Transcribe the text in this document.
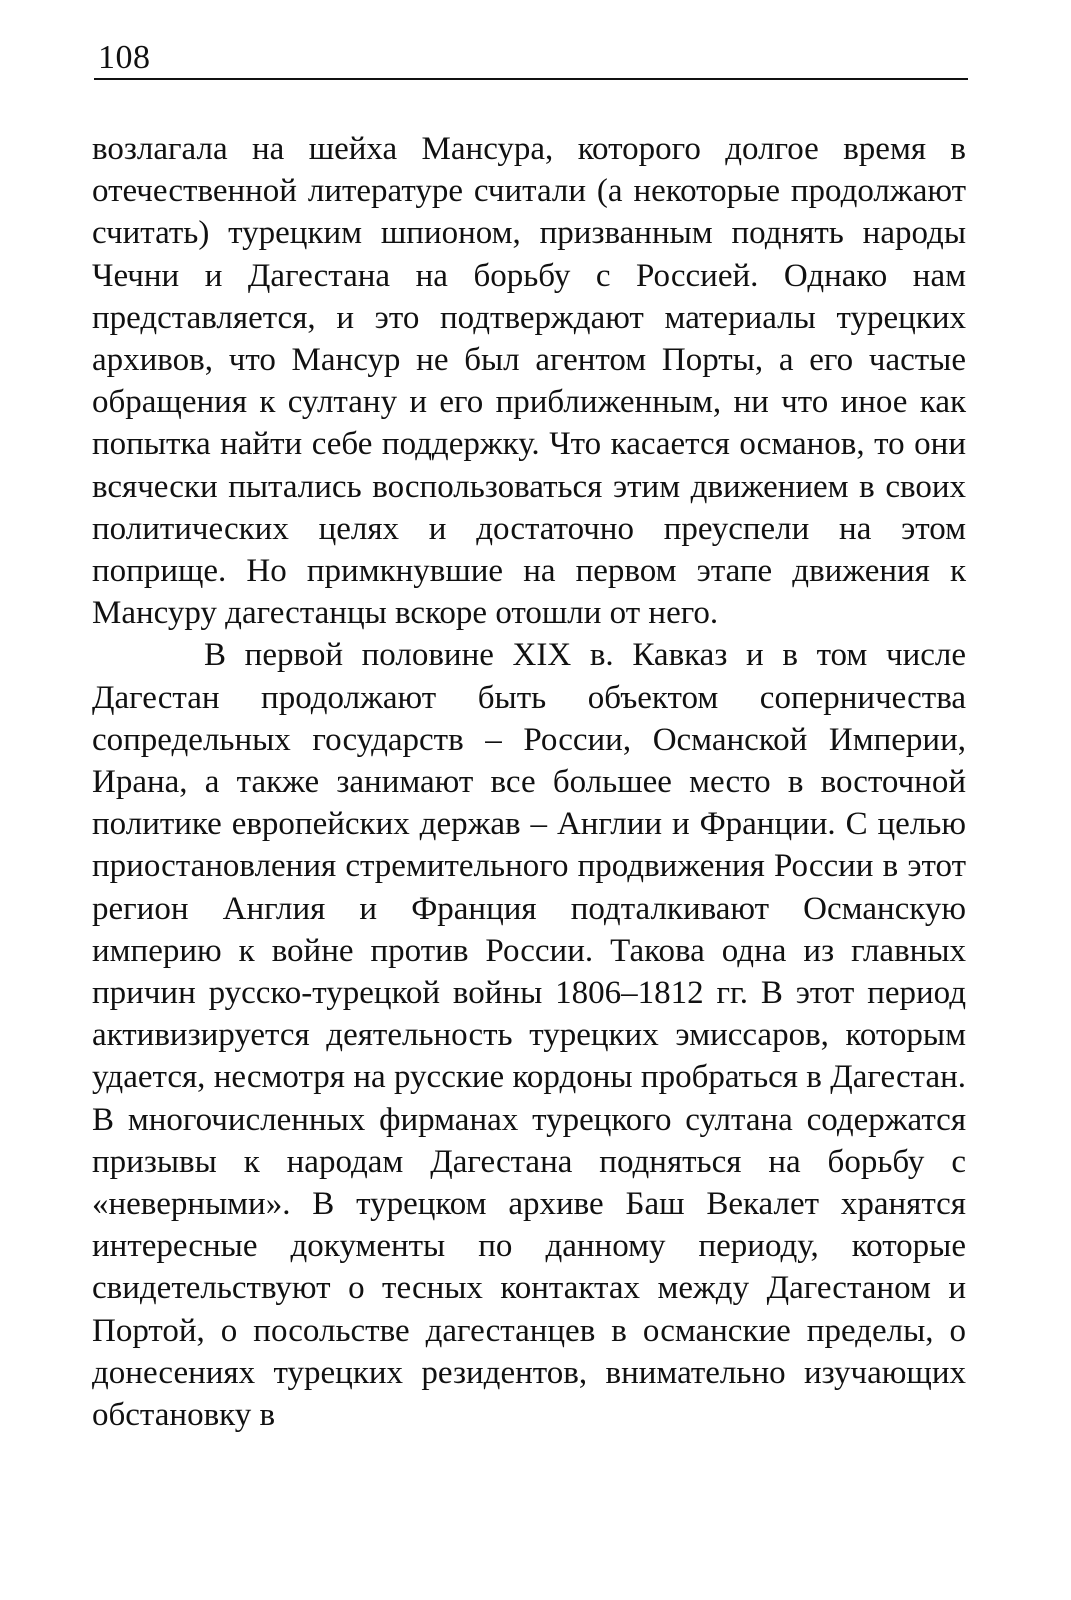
108

возлагала на шейха Мансура, которого долгое время в отечественной литературе считали (а некоторые продолжают считать) турецким шпионом, призванным поднять народы Чечни и Дагестана на борьбу с Россией. Однако нам представляется, и это подтверждают материалы турецких архивов, что Мансур не был агентом Порты, а его частые обращения к султану и его приближенным, ни что иное как попытка найти себе поддержку. Что касается османов, то они всячески пытались воспользоваться этим движением в своих политических целях и достаточно преуспели на этом поприще. Но примкнувшие на первом этапе движения к Мансуру дагестанцы вскоре отошли от него.

В первой половине XIX в. Кавказ и в том числе Дагестан продолжают быть объектом соперничества сопредельных государств – России, Османской Империи, Ирана, а также занимают все большее место в восточной политике европейских держав – Англии и Франции. С целью приостановления стремительного продвижения России в этот регион Англия и Франция подталкивают Османскую империю к войне против России. Такова одна из главных причин русско-турецкой войны 1806–1812 гг. В этот период активизируется деятельность турецких эмиссаров, которым удается, несмотря на русские кордоны пробраться в Дагестан. В многочисленных фирманах турецкого султана содержатся призывы к народам Дагестана подняться на борьбу с «неверными». В турецком архиве Баш Векалет хранятся интересные документы по данному периоду, которые свидетельствуют о тесных контактах между Дагестаном и Портой, о посольстве дагестанцев в османские пределы, о донесениях турецких резидентов, внимательно изучающих обстановку в
